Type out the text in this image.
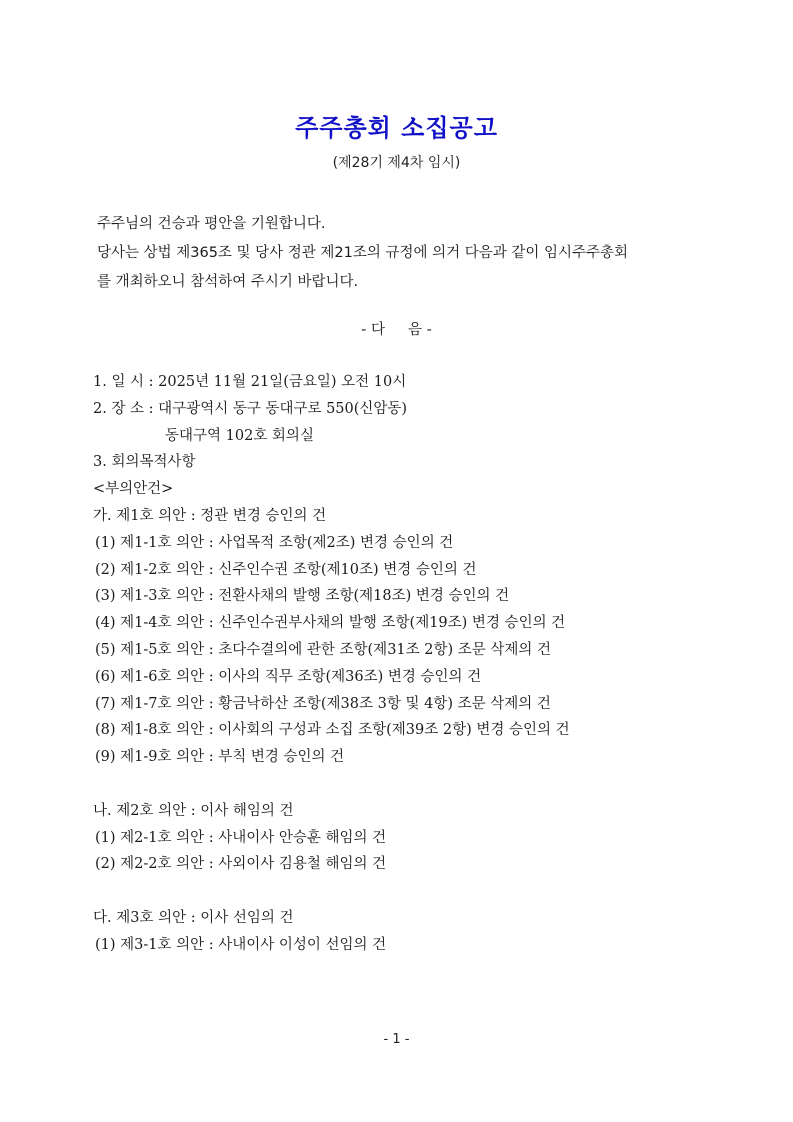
주주총회 소집공고
(제28기 제4차 임시)
주주님의 건승과 평안을 기원합니다.
당사는 상법 제365조 및 당사 정관 제21조의 규정에 의거 다음과 같이 임시주주총회
를 개최하오니 참석하여 주시기 바랍니다.
- 다     음 -
1. 일 시 : 2025년 11월 21일(금요일) 오전 10시
2. 장 소 : 대구광역시 동구 동대구로 550(신암동)
동대구역 102호 회의실
3. 회의목적사항
<부의안건>
가. 제1호 의안 : 정관 변경 승인의 건
(1) 제1-1호 의안 : 사업목적 조항(제2조) 변경 승인의 건
(2) 제1-2호 의안 : 신주인수권 조항(제10조) 변경 승인의 건
(3) 제1-3호 의안 : 전환사채의 발행 조항(제18조) 변경 승인의 건
(4) 제1-4호 의안 : 신주인수권부사채의 발행 조항(제19조) 변경 승인의 건
(5) 제1-5호 의안 : 초다수결의에 관한 조항(제31조 2항) 조문 삭제의 건
(6) 제1-6호 의안 : 이사의 직무 조항(제36조) 변경 승인의 건
(7) 제1-7호 의안 : 황금낙하산 조항(제38조 3항 및 4항) 조문 삭제의 건
(8) 제1-8호 의안 : 이사회의 구성과 소집 조항(제39조 2항) 변경 승인의 건
(9) 제1-9호 의안 : 부칙 변경 승인의 건
나. 제2호 의안 : 이사 해임의 건
(1) 제2-1호 의안 : 사내이사 안승훈 해임의 건
(2) 제2-2호 의안 : 사외이사 김용철 해임의 건
다. 제3호 의안 : 이사 선임의 건
(1) 제3-1호 의안 : 사내이사 이성이 선임의 건
- 1 -
